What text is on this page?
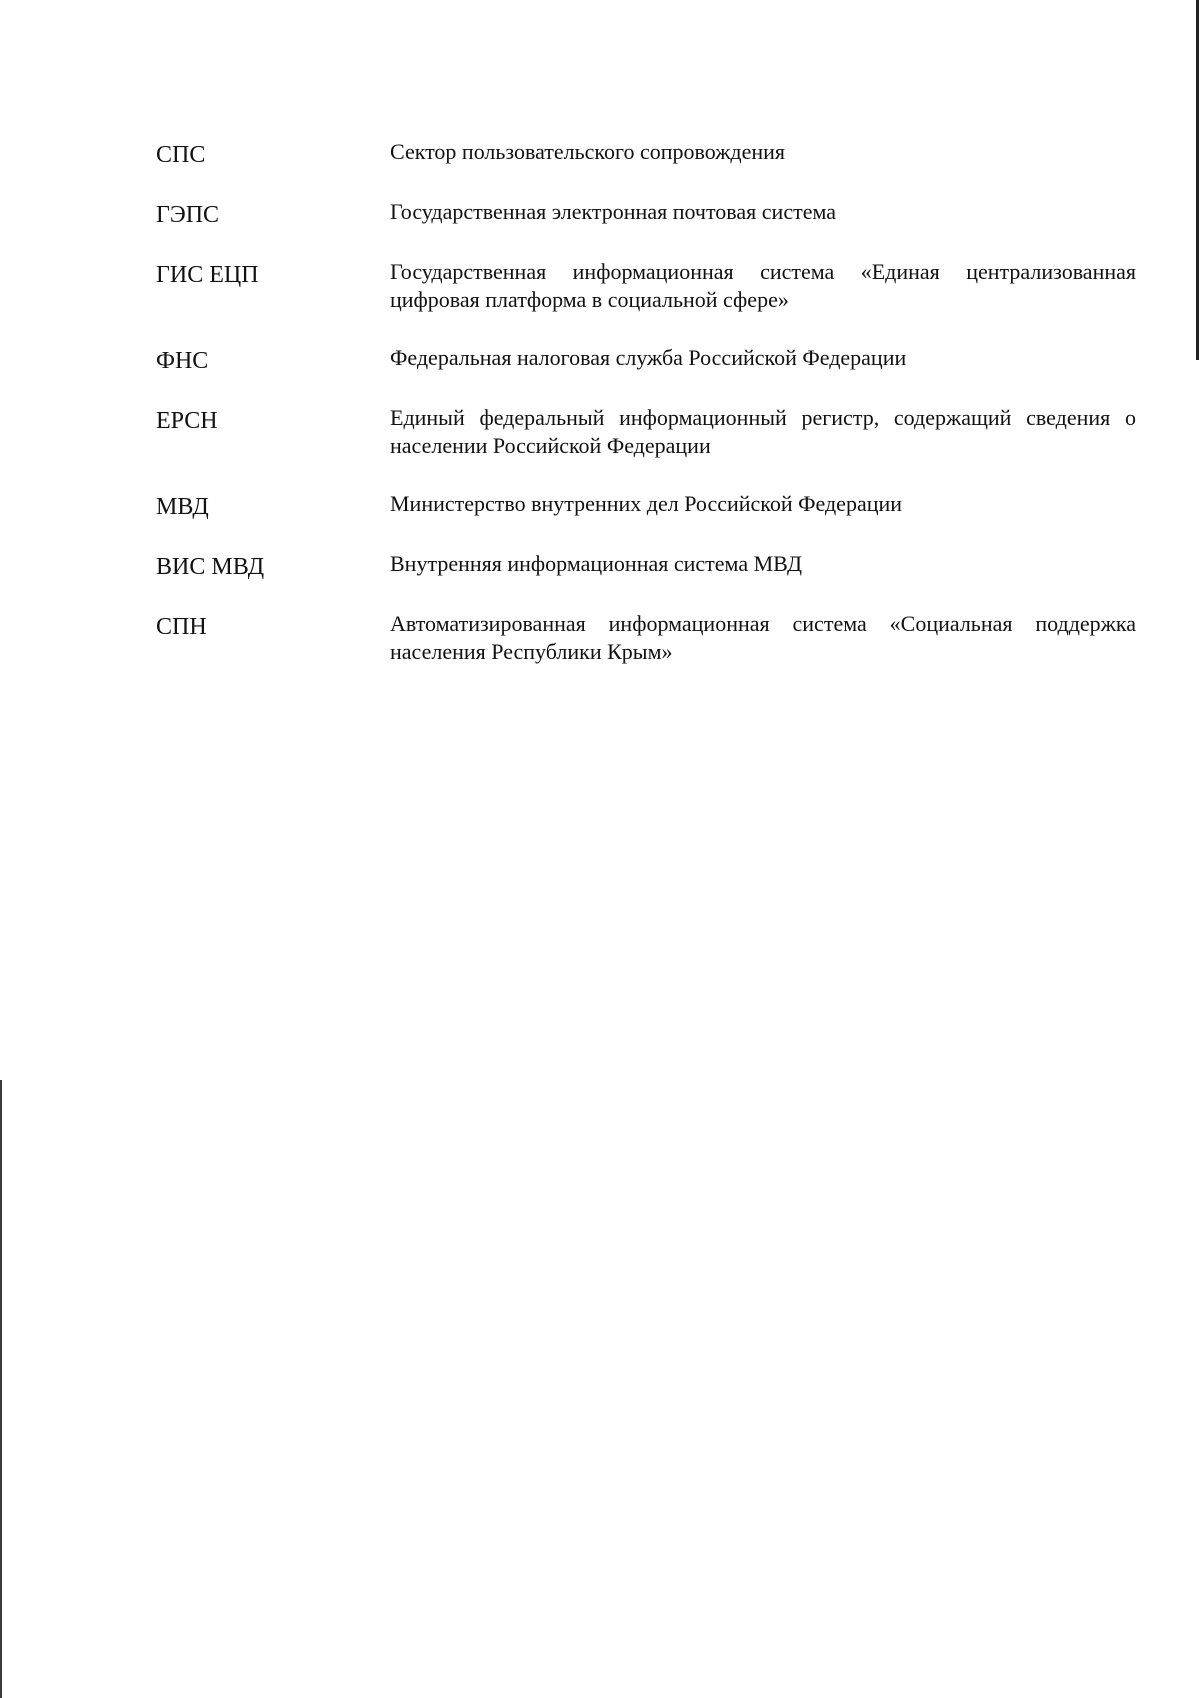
СПС	Сектор пользовательского сопровождения
ГЭПС	Государственная электронная почтовая система
ГИС ЕЦП	Государственная информационная система «Единая централизованная цифровая платформа в социальной сфере»
ФНС	Федеральная налоговая служба Российской Федерации
ЕРСН	Единый федеральный информационный регистр, содержащий сведения о населении Российской Федерации
МВД	Министерство внутренних дел Российской Федерации
ВИС МВД	Внутренняя информационная система МВД
СПН	Автоматизированная информационная система «Социальная поддержка населения Республики Крым»
